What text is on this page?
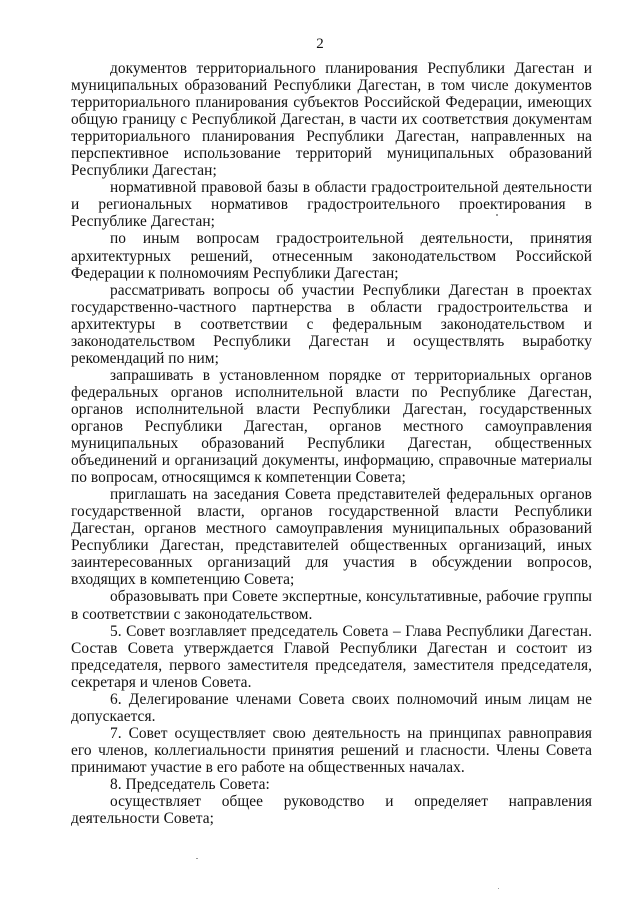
2

документов территориального планирования Республики Дагестан и муниципальных образований Республики Дагестан, в том числе документов территориального планирования субъектов Российской Федерации, имеющих общую границу с Республикой Дагестан, в части их соответствия документам территориального планирования Республики Дагестан, направленных на перспективное использование территорий муниципальных образований Республики Дагестан;

нормативной правовой базы в области градостроительной деятельности и региональных нормативов градостроительного проектирования в Республике Дагестан;

по иным вопросам градостроительной деятельности, принятия архитектурных решений, отнесенным законодательством Российской Федерации к полномочиям Республики Дагестан;

рассматривать вопросы об участии Республики Дагестан в проектах государственно-частного партнерства в области градостроительства и архитектуры в соответствии с федеральным законодательством и законодательством Республики Дагестан и осуществлять выработку рекомендаций по ним;

запрашивать в установленном порядке от территориальных органов федеральных органов исполнительной власти по Республике Дагестан, органов исполнительной власти Республики Дагестан, государственных органов Республики Дагестан, органов местного самоуправления муниципальных образований Республики Дагестан, общественных объединений и организаций документы, информацию, справочные материалы по вопросам, относящимся к компетенции Совета;

приглашать на заседания Совета представителей федеральных органов государственной власти, органов государственной власти Республики Дагестан, органов местного самоуправления муниципальных образований Республики Дагестан, представителей общественных организаций, иных заинтересованных организаций для участия в обсуждении вопросов, входящих в компетенцию Совета;

образовывать при Совете экспертные, консультативные, рабочие группы в соответствии с законодательством.

5. Совет возглавляет председатель Совета – Глава Республики Дагестан. Состав Совета утверждается Главой Республики Дагестан и состоит из председателя, первого заместителя председателя, заместителя председателя, секретаря и членов Совета.

6. Делегирование членами Совета своих полномочий иным лицам не допускается.

7. Совет осуществляет свою деятельность на принципах равноправия его членов, коллегиальности принятия решений и гласности. Члены Совета принимают участие в его работе на общественных началах.

8. Председатель Совета:

осуществляет общее руководство и определяет направления деятельности Совета;
